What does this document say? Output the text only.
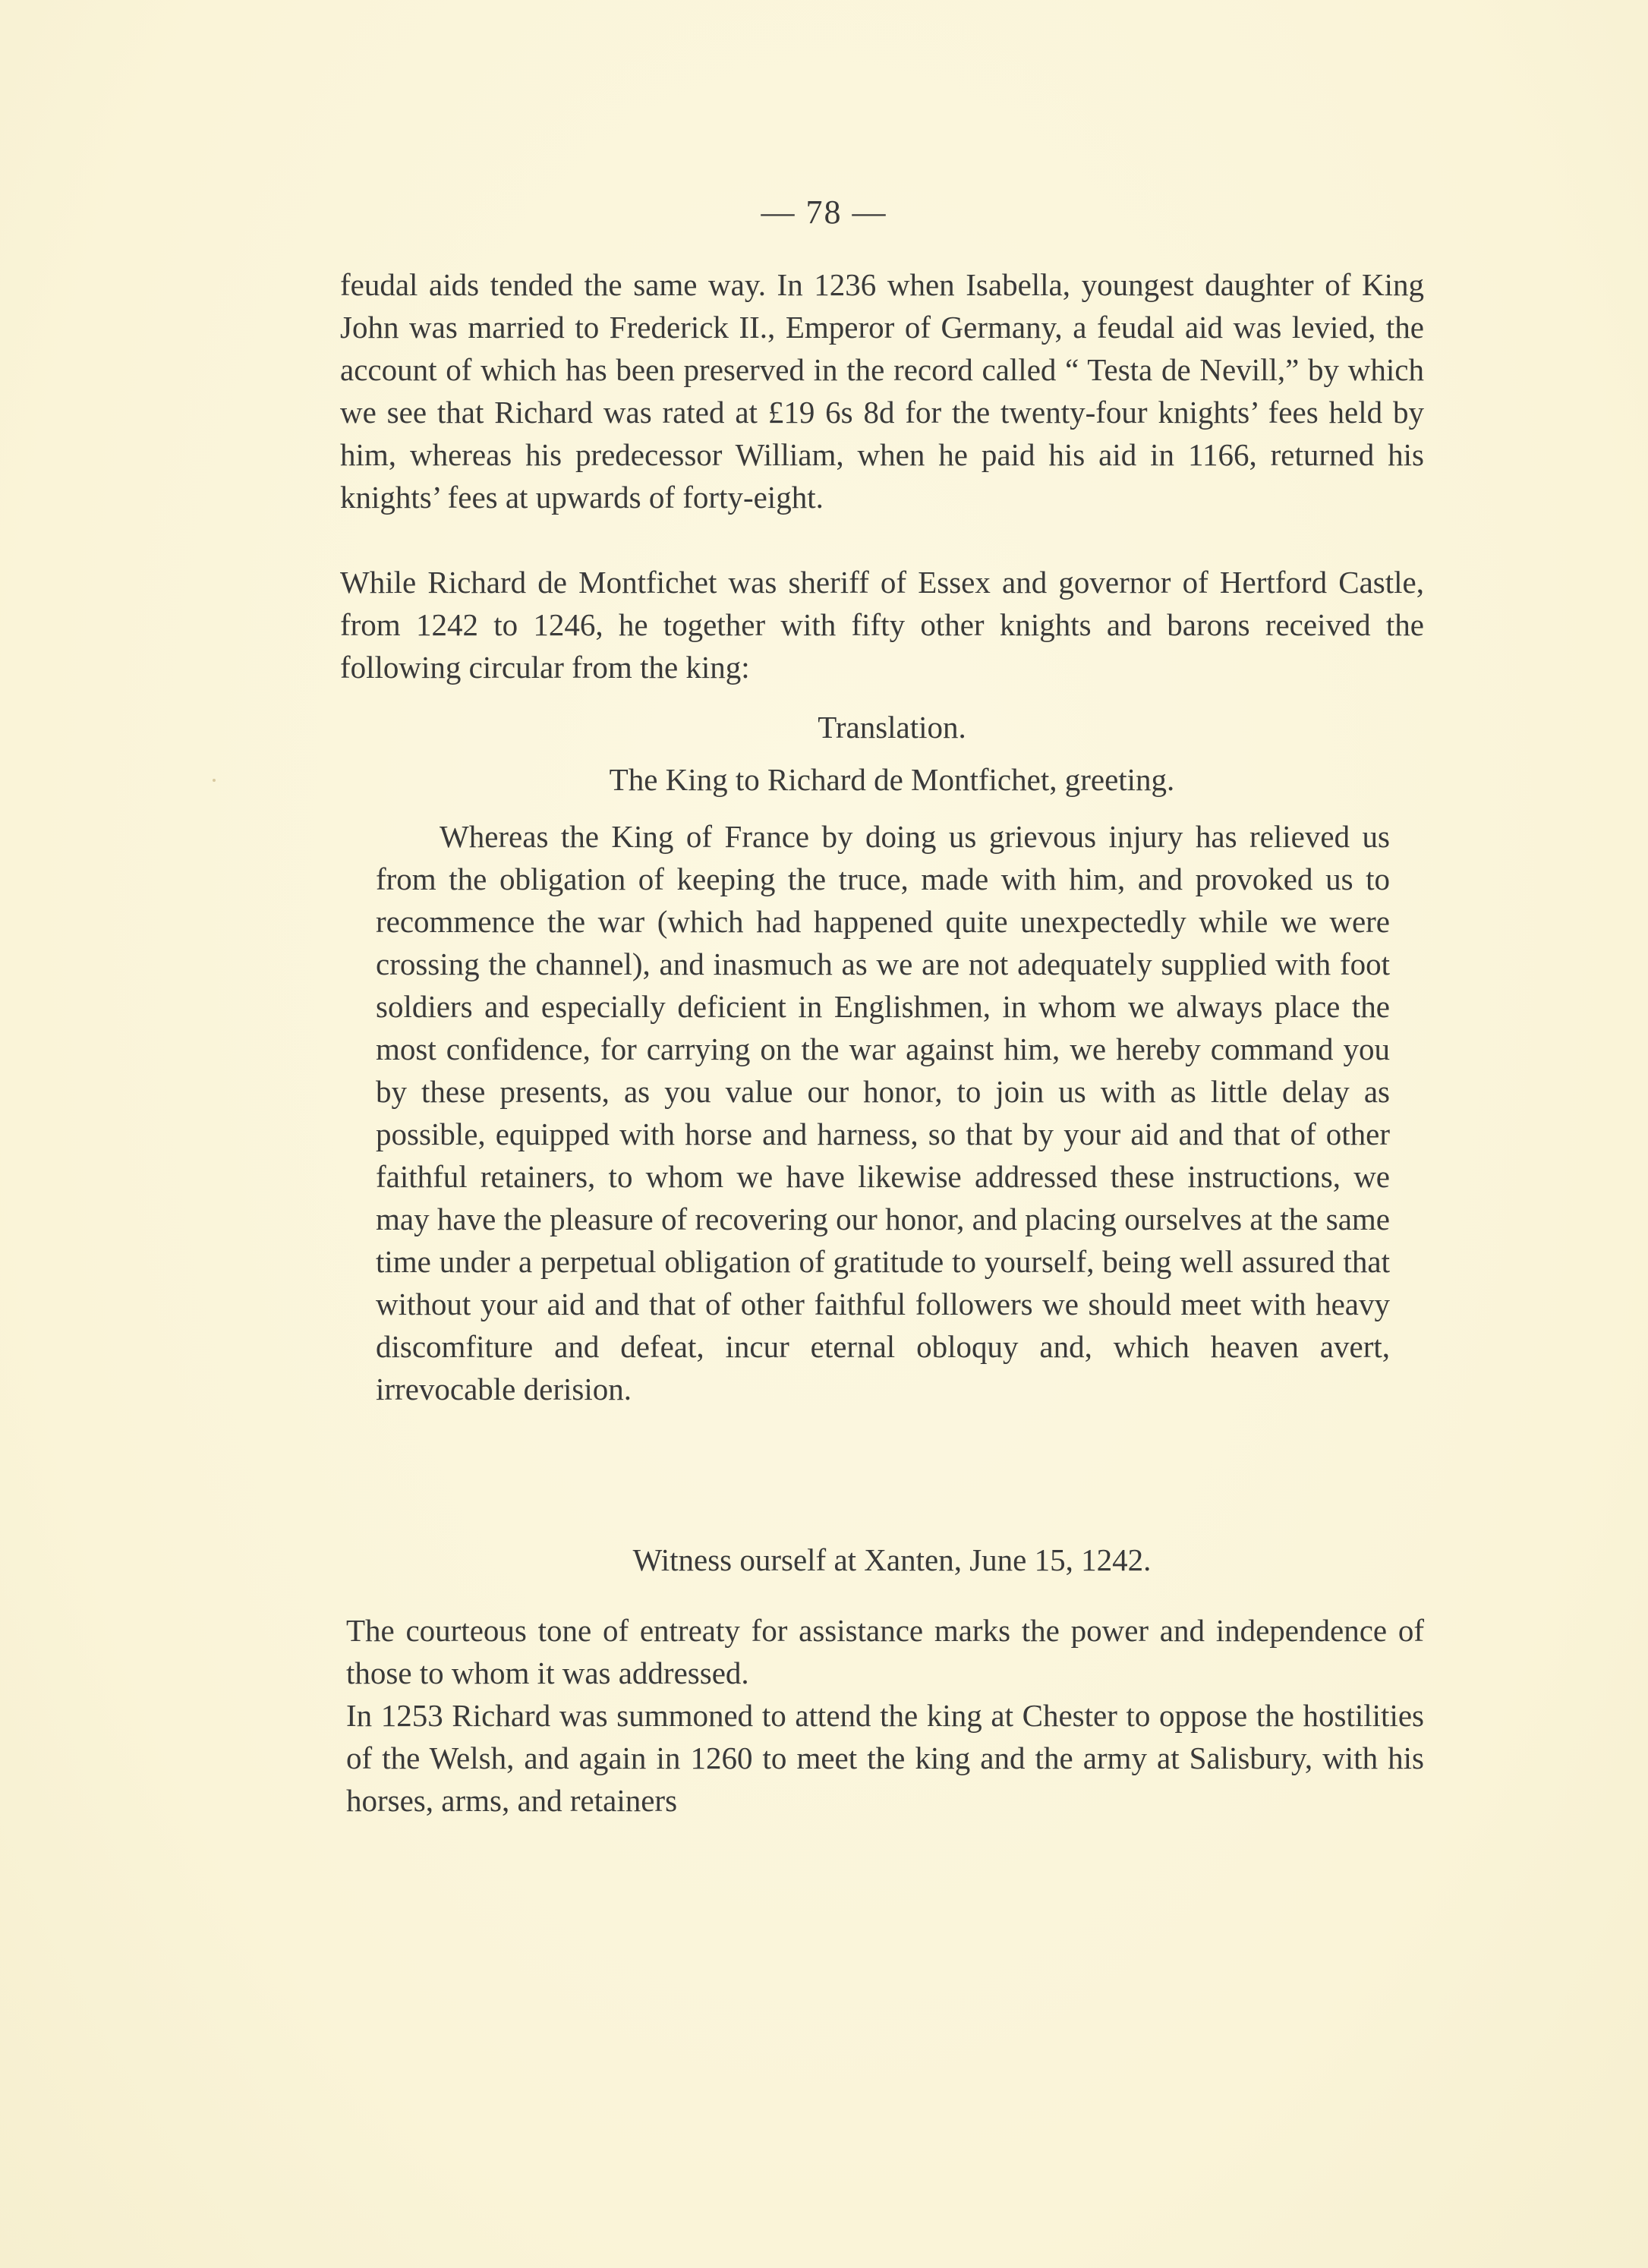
— 78 —

feudal aids tended the same way. In 1236 when Isabella, youngest daughter of King John was married to Frederick II., Emperor of Germany, a feudal aid was levied, the account of which has been preserved in the record called “ Testa de Nevill,” by which we see that Richard was rated at £19 6s 8d for the twenty-four knights’ fees held by him, whereas his predecessor William, when he paid his aid in 1166, returned his knights’ fees at upwards of forty-eight.

While Richard de Montfichet was sheriff of Essex and governor of Hertford Castle, from 1242 to 1246, he together with fifty other knights and barons received the following circular from the king:

Translation.
The King to Richard de Montfichet, greeting.

Whereas the King of France by doing us grievous injury has relieved us from the obligation of keeping the truce, made with him, and provoked us to recommence the war (which had happened quite unexpectedly while we were crossing the channel), and inasmuch as we are not adequately supplied with foot soldiers and especially deficient in Englishmen, in whom we always place the most confidence, for carrying on the war against him, we hereby command you by these presents, as you value our honor, to join us with as little delay as possible, equipped with horse and harness, so that by your aid and that of other faithful retainers, to whom we have likewise addressed these instructions, we may have the pleasure of recovering our honor, and placing ourselves at the same time under a perpetual obligation of gratitude to yourself, being well assured that without your aid and that of other faithful followers we should meet with heavy discomfiture and defeat, incur eternal obloquy and, which heaven avert, irrevocable derision.

Witness ourself at Xanten, June 15, 1242.

The courteous tone of entreaty for assistance marks the power and independence of those to whom it was addressed.

In 1253 Richard was summoned to attend the king at Chester to oppose the hostilities of the Welsh, and again in 1260 to meet the king and the army at Salisbury, with his horses, arms, and retainers
